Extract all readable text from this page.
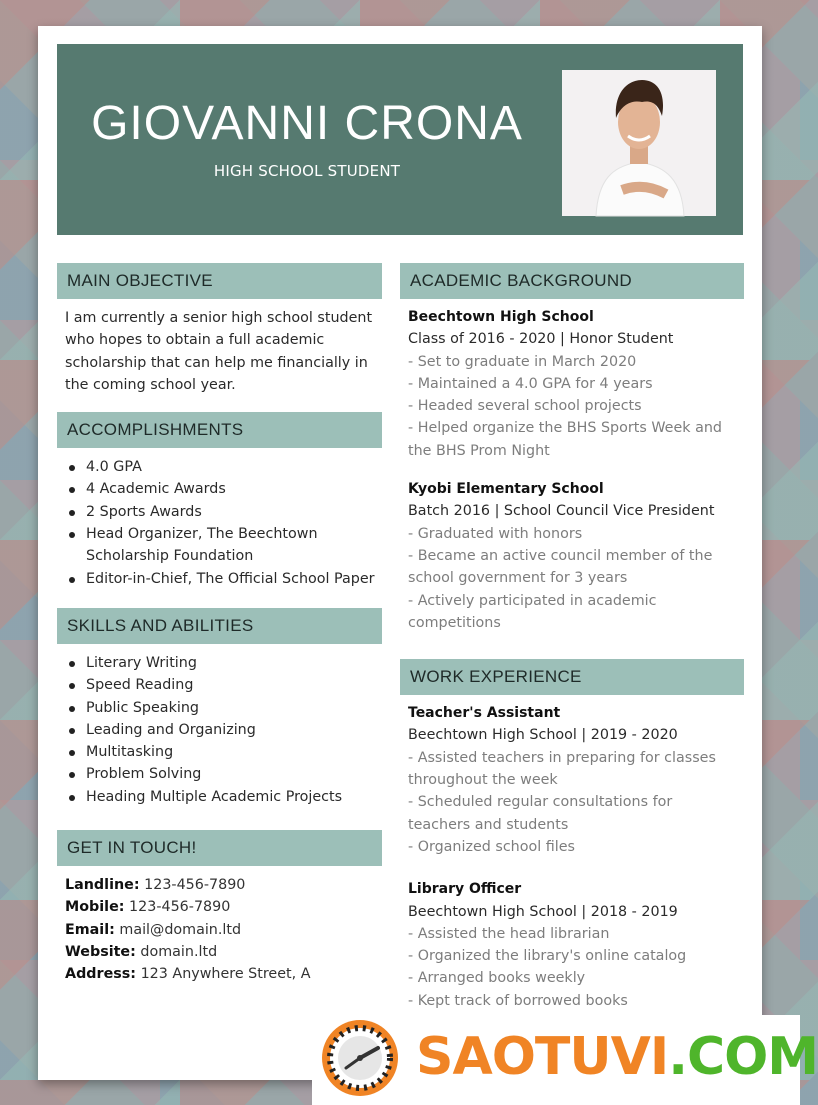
GIOVANNI CRONA
HIGH SCHOOL STUDENT
MAIN OBJECTIVE
I am currently a senior high school student who hopes to obtain a full academic scholarship that can help me financially in the coming school year.
ACCOMPLISHMENTS
4.0 GPA
4 Academic Awards
2 Sports Awards
Head Organizer, The Beechtown Scholarship Foundation
Editor-in-Chief, The Official School Paper
SKILLS AND ABILITIES
Literary Writing
Speed Reading
Public Speaking
Leading and Organizing
Multitasking
Problem Solving
Heading Multiple Academic Projects
GET IN TOUCH!
Landline: 123-456-7890
Mobile: 123-456-7890
Email: mail@domain.ltd
Website: domain.ltd
Address: 123 Anywhere Street, A
ACADEMIC BACKGROUND
Beechtown High School
Class of 2016 - 2020 | Honor Student
- Set to graduate in March 2020
- Maintained a 4.0 GPA for 4 years
- Headed several school projects
- Helped organize the BHS Sports Week and the BHS Prom Night
Kyobi Elementary School
Batch 2016 | School Council Vice President
- Graduated with honors
- Became an active council member of the school government for 3 years
- Actively participated in academic competitions
WORK EXPERIENCE
Teacher's Assistant
Beechtown High School | 2019 - 2020
- Assisted teachers in preparing for classes throughout the week
- Scheduled regular consultations for teachers and students
- Organized school files
Library Officer
Beechtown High School | 2018 - 2019
- Assisted the head librarian
- Organized the library's online catalog
- Arranged books weekly
- Kept track of borrowed books
SAOTUVI.COM
